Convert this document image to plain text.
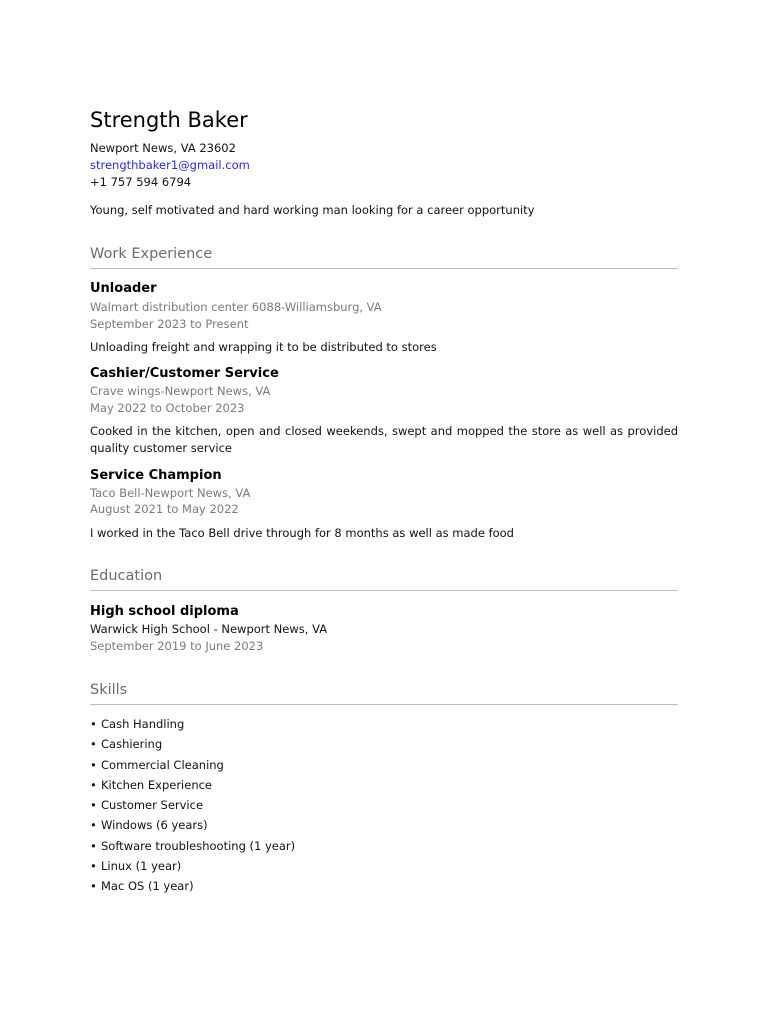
Strength Baker
Newport News, VA 23602
strengthbaker1@gmail.com
+1 757 594 6794
Young, self motivated and hard working man looking for a career opportunity
Work Experience
Unloader
Walmart distribution center 6088-Williamsburg, VA
September 2023 to Present
Unloading freight and wrapping it to be distributed to stores
Cashier/Customer Service
Crave wings-Newport News, VA
May 2022 to October 2023
Cooked in the kitchen, open and closed weekends, swept and mopped the store as well as provided quality customer service
Service Champion
Taco Bell-Newport News, VA
August 2021 to May 2022
I worked in the Taco Bell drive through for 8 months as well as made food
Education
High school diploma
Warwick High School - Newport News, VA
September 2019 to June 2023
Skills
• Cash Handling
• Cashiering
• Commercial Cleaning
• Kitchen Experience
• Customer Service
• Windows (6 years)
• Software troubleshooting (1 year)
• Linux (1 year)
• Mac OS (1 year)
